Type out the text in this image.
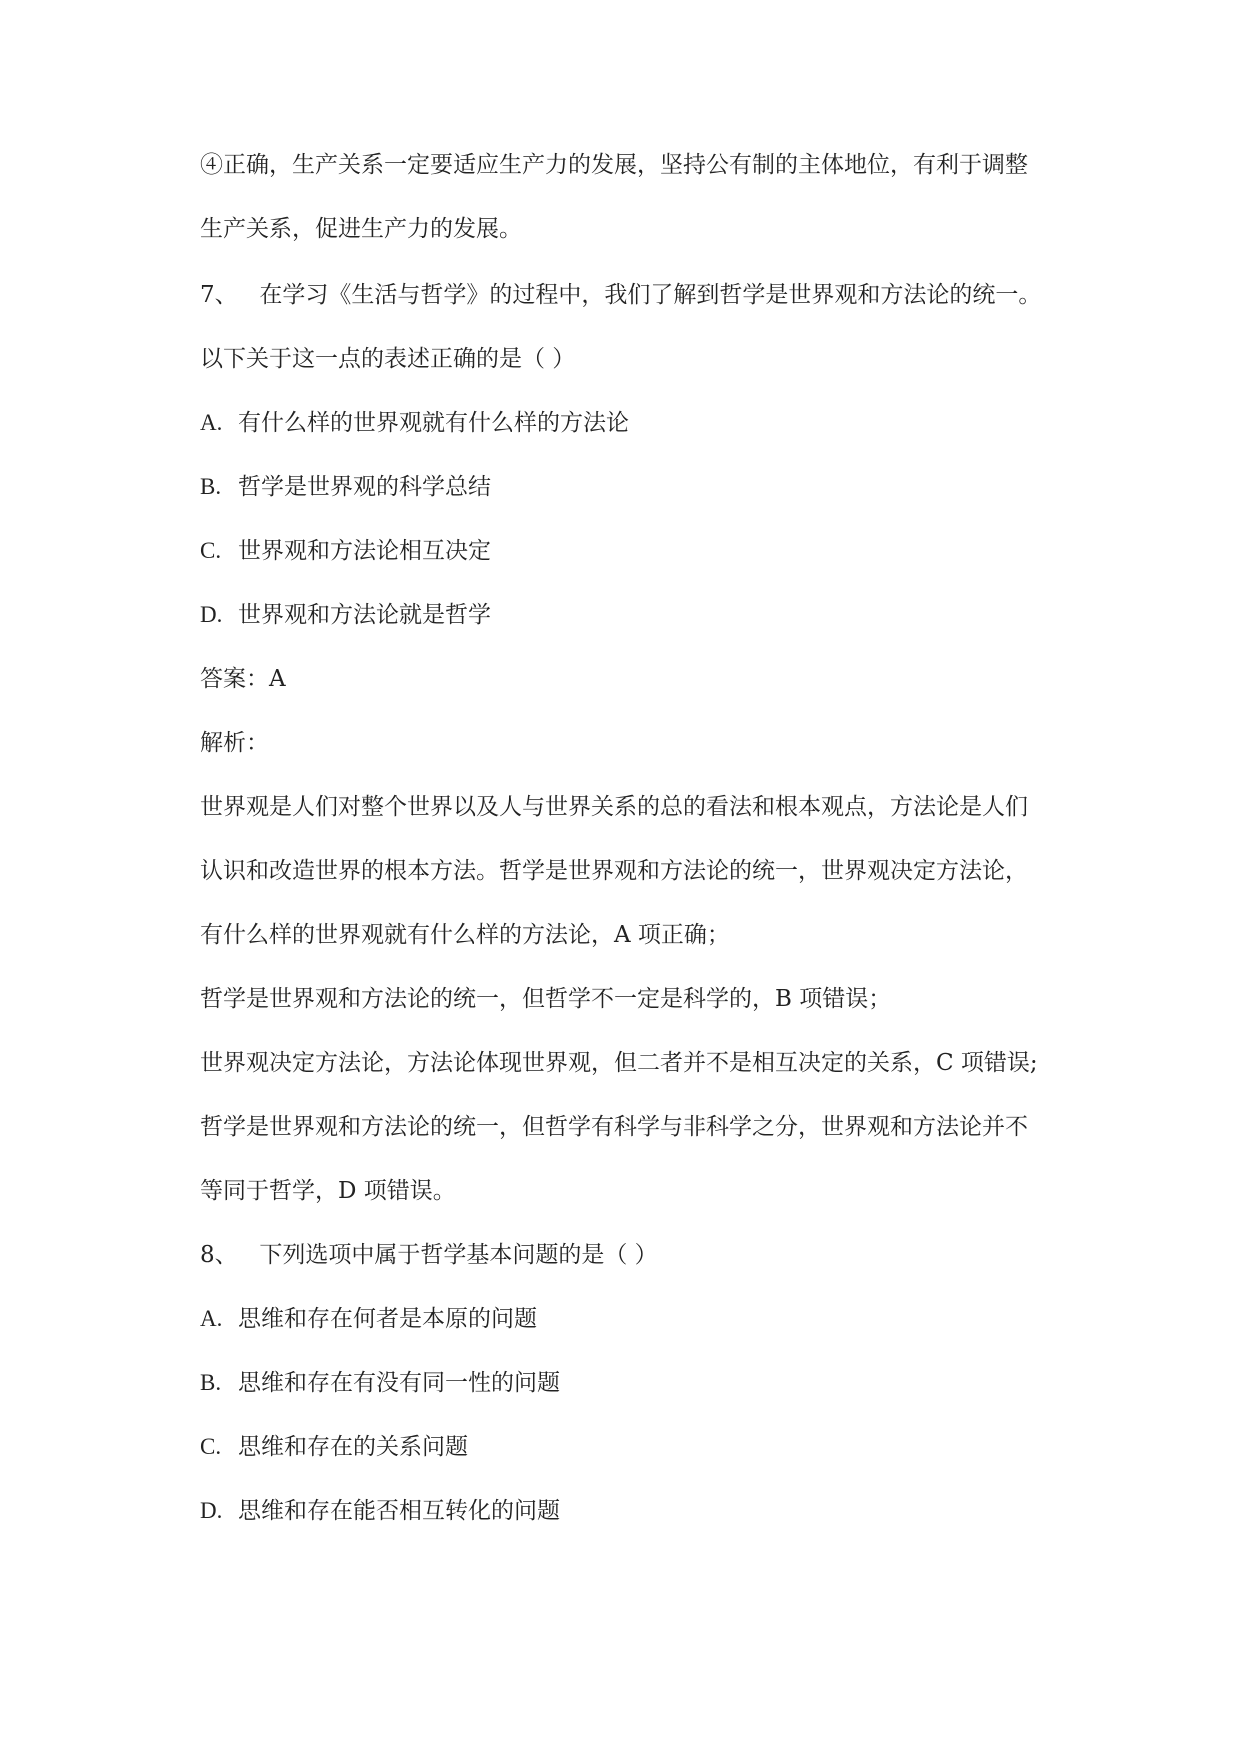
④正确，生产关系一定要适应生产力的发展，坚持公有制的主体地位，有利于调整
生产关系，促进生产力的发展。
7、 在学习《生活与哲学》的过程中，我们了解到哲学是世界观和方法论的统一。
以下关于这一点的表述正确的是（ ）
A. 有什么样的世界观就有什么样的方法论
B. 哲学是世界观的科学总结
C. 世界观和方法论相互决定
D. 世界观和方法论就是哲学
答案：A
解析：
世界观是人们对整个世界以及人与世界关系的总的看法和根本观点，方法论是人们
认识和改造世界的根本方法。哲学是世界观和方法论的统一，世界观决定方法论，
有什么样的世界观就有什么样的方法论，A 项正确；
哲学是世界观和方法论的统一，但哲学不一定是科学的，B 项错误；
世界观决定方法论，方法论体现世界观，但二者并不是相互决定的关系，C 项错误;
哲学是世界观和方法论的统一，但哲学有科学与非科学之分，世界观和方法论并不
等同于哲学，D 项错误。
8、 下列选项中属于哲学基本问题的是（ ）
A. 思维和存在何者是本原的问题
B. 思维和存在有没有同一性的问题
C. 思维和存在的关系问题
D. 思维和存在能否相互转化的问题
